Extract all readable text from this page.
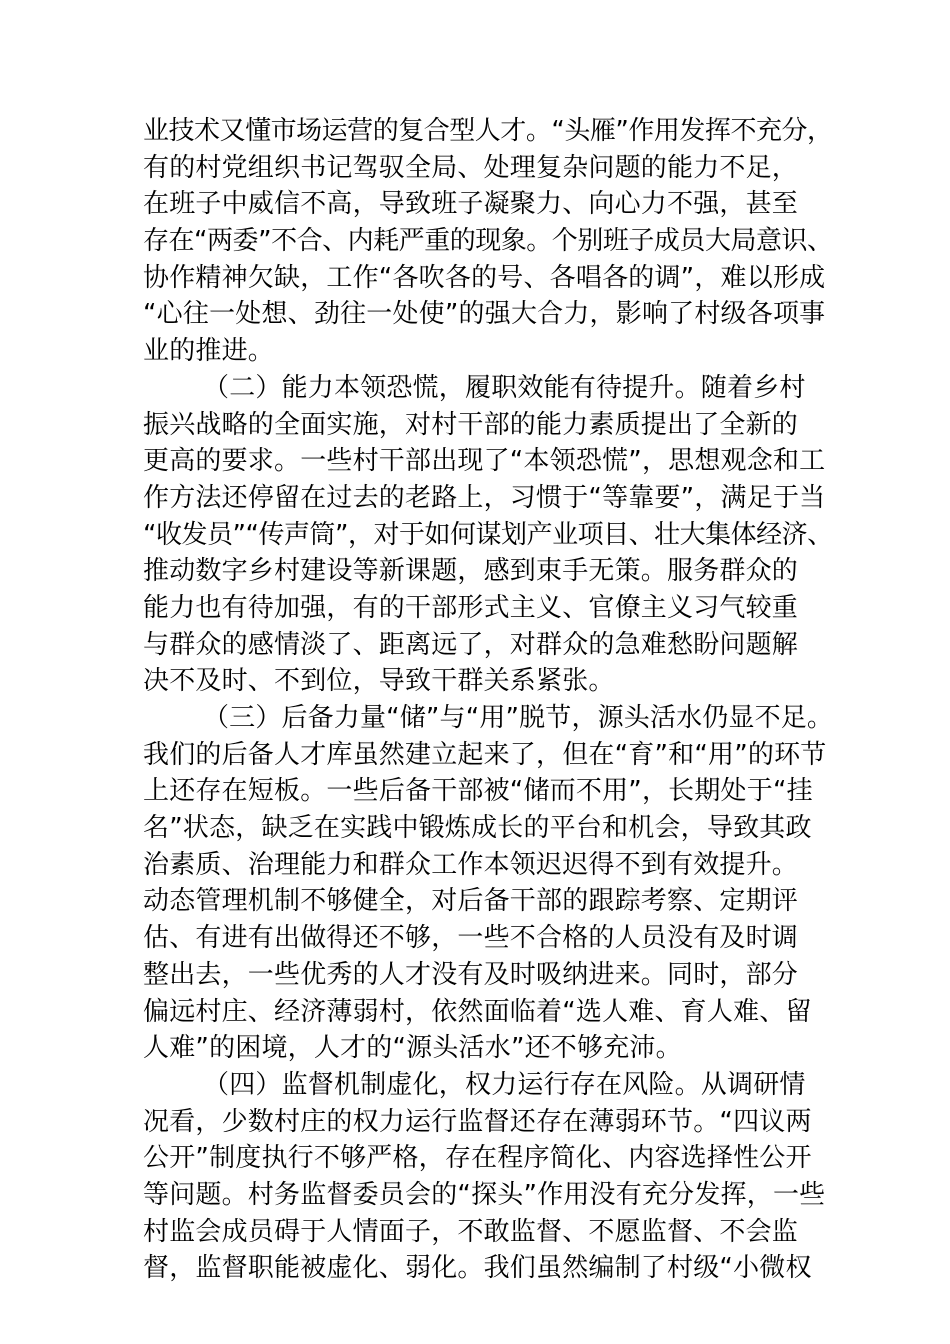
业技术又懂市场运营的复合型人才。“头雁”作用发挥不充分，
有的村党组织书记驾驭全局、处理复杂问题的能力不足，
在班子中威信不高，导致班子凝聚力、向心力不强，甚至
存在“两委”不合、内耗严重的现象。个别班子成员大局意识、
协作精神欠缺，工作“各吹各的号、各唱各的调”，难以形成
“心往一处想、劲往一处使”的强大合力，影响了村级各项事
业的推进。
（二）能力本领恐慌，履职效能有待提升。随着乡村
振兴战略的全面实施，对村干部的能力素质提出了全新的
更高的要求。一些村干部出现了“本领恐慌”，思想观念和工
作方法还停留在过去的老路上，习惯于“等靠要”，满足于当
“收发员”“传声筒”，对于如何谋划产业项目、壮大集体经济、
推动数字乡村建设等新课题，感到束手无策。服务群众的
能力也有待加强，有的干部形式主义、官僚主义习气较重
与群众的感情淡了、距离远了，对群众的急难愁盼问题解
决不及时、不到位，导致干群关系紧张。
（三）后备力量“储”与“用”脱节，源头活水仍显不足。
我们的后备人才库虽然建立起来了，但在“育”和“用”的环节
上还存在短板。一些后备干部被“储而不用”，长期处于“挂
名”状态，缺乏在实践中锻炼成长的平台和机会，导致其政
治素质、治理能力和群众工作本领迟迟得不到有效提升。
动态管理机制不够健全，对后备干部的跟踪考察、定期评
估、有进有出做得还不够，一些不合格的人员没有及时调
整出去，一些优秀的人才没有及时吸纳进来。同时，部分
偏远村庄、经济薄弱村，依然面临着“选人难、育人难、留
人难”的困境，人才的“源头活水”还不够充沛。
（四）监督机制虚化，权力运行存在风险。从调研情
况看，少数村庄的权力运行监督还存在薄弱环节。“四议两
公开”制度执行不够严格，存在程序简化、内容选择性公开
等问题。村务监督委员会的“探头”作用没有充分发挥，一些
村监会成员碍于人情面子，不敢监督、不愿监督、不会监
督，监督职能被虚化、弱化。我们虽然编制了村级“小微权
